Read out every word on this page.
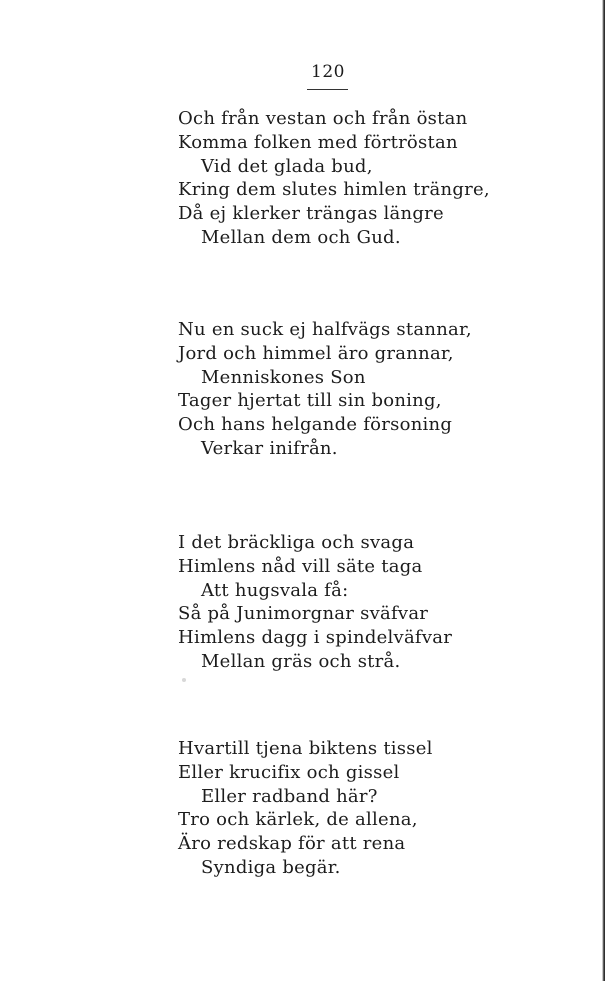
120
Och från vestan och från östan
Komma folken med förtröstan
Vid det glada bud,
Kring dem slutes himlen trängre,
Då ej klerker trängas längre
Mellan dem och Gud.
Nu en suck ej halfvägs stannar,
Jord och himmel äro grannar,
Menniskones Son
Tager hjertat till sin boning,
Och hans helgande försoning
Verkar inifrån.
I det bräckliga och svaga
Himlens nåd vill säte taga
Att hugsvala få:
Så på Junimorgnar sväfvar
Himlens dagg i spindelväfvar
Mellan gräs och strå.
Hvartill tjena biktens tissel
Eller krucifix och gissel
Eller radband här?
Tro och kärlek, de allena,
Äro redskap för att rena
Syndiga begär.
